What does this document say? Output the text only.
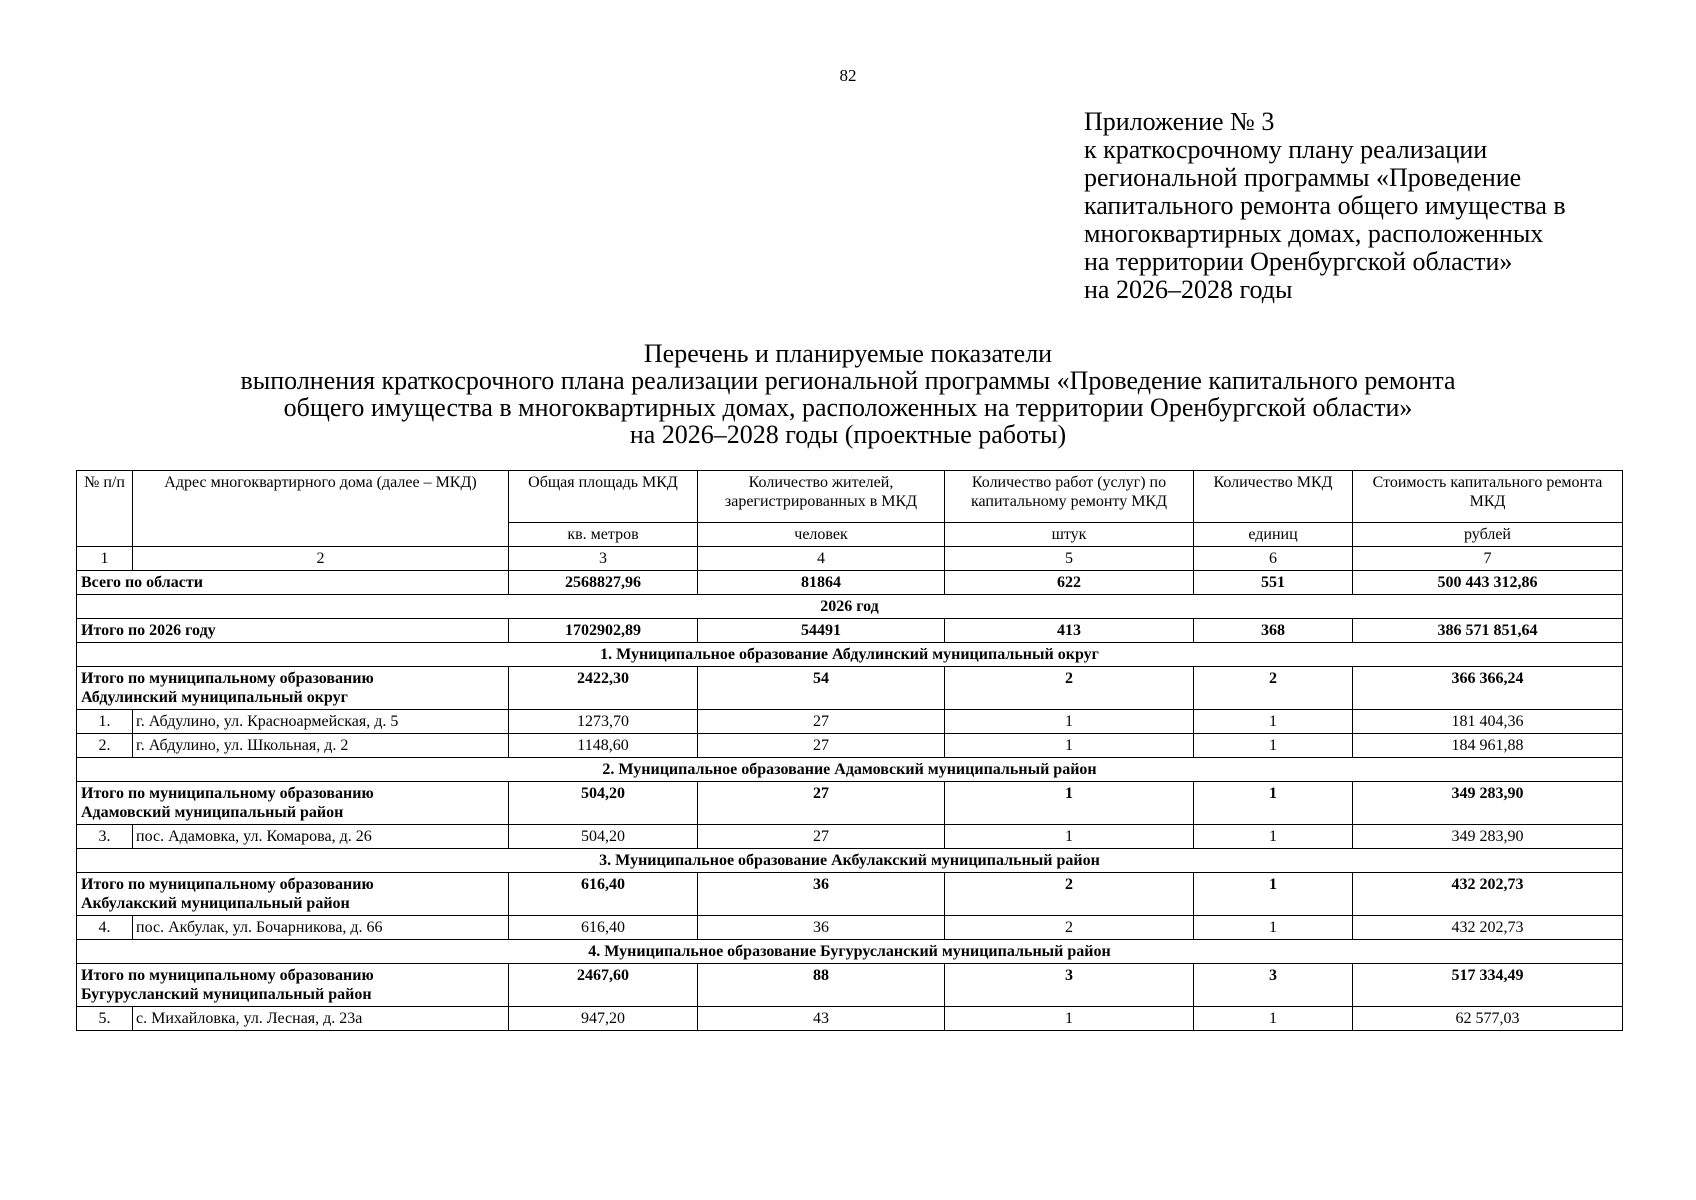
82
Приложение № 3
к краткосрочному плану реализации
региональной программы «Проведение
капитального ремонта общего имущества в
многоквартирных домах, расположенных
на территории Оренбургской области»
на 2026–2028 годы
Перечень и планируемые показатели
выполнения краткосрочного плана реализации региональной программы «Проведение капитального ремонта
общего имущества в многоквартирных домах, расположенных на территории Оренбургской области»
на 2026–2028 годы (проектные работы)
№ п/п	Адрес многоквартирного дома (далее – МКД)	Общая площадь МКД	Количество жителей, зарегистрированных в МКД	Количество работ (услуг) по капитальному ремонту МКД	Количество МКД	Стоимость капитального ремонта МКД
		кв. метров	человек	штук	единиц	рублей
1	2	3	4	5	6	7
Всего по области		2568827,96	81864	622	551	500 443 312,86
2026 год						
Итого по 2026 году		1702902,89	54491	413	368	386 571 851,64
1. Муниципальное образование Абдулинский муниципальный округ						
Итого по муниципальному образованию Абдулинский муниципальный округ		2422,30	54	2	2	366 366,24
1.	г. Абдулино, ул. Красноармейская, д. 5	1273,70	27	1	1	181 404,36
2.	г. Абдулино, ул. Школьная, д. 2	1148,60	27	1	1	184 961,88
2. Муниципальное образование Адамовский муниципальный район						
Итого по муниципальному образованию Адамовский муниципальный район		504,20	27	1	1	349 283,90
3.	пос. Адамовка, ул. Комарова, д. 26	504,20	27	1	1	349 283,90
3. Муниципальное образование Акбулакский муниципальный район						
Итого по муниципальному образованию Акбулакский муниципальный район		616,40	36	2	1	432 202,73
4.	пос. Акбулак, ул. Бочарникова, д. 66	616,40	36	2	1	432 202,73
4. Муниципальное образование Бугурусланский муниципальный район						
Итого по муниципальному образованию Бугурусланский муниципальный район		2467,60	88	3	3	517 334,49
5.	с. Михайловка, ул. Лесная, д. 23а	947,20	43	1	1	62 577,03
